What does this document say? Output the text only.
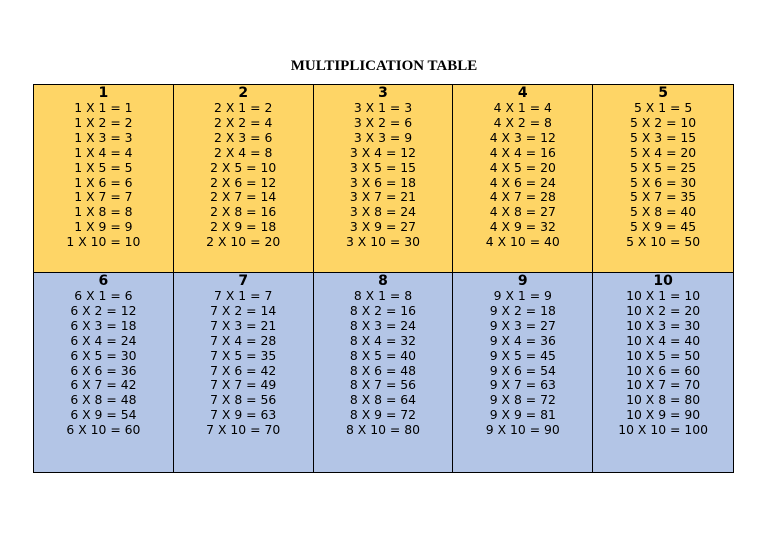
MULTIPLICATION TABLE
1
1 X 1 = 1
1 X 2 = 2
1 X 3 = 3
1 X 4 = 4
1 X 5 = 5
1 X 6 = 6
1 X 7 = 7
1 X 8 = 8
1 X 9 = 9
1 X 10 = 10
2
2 X 1 = 2
2 X 2 = 4
2 X 3 = 6
2 X 4 = 8
2 X 5 = 10
2 X 6 = 12
2 X 7 = 14
2 X 8 = 16
2 X 9 = 18
2 X 10 = 20
3
3 X 1 = 3
3 X 2 = 6
3 X 3 = 9
3 X 4 = 12
3 X 5 = 15
3 X 6 = 18
3 X 7 = 21
3 X 8 = 24
3 X 9 = 27
3 X 10 = 30
4
4 X 1 = 4
4 X 2 = 8
4 X 3 = 12
4 X 4 = 16
4 X 5 = 20
4 X 6 = 24
4 X 7 = 28
4 X 8 = 27
4 X 9 = 32
4 X 10 = 40
5
5 X 1 = 5
5 X 2 = 10
5 X 3 = 15
5 X 4 = 20
5 X 5 = 25
5 X 6 = 30
5 X 7 = 35
5 X 8 = 40
5 X 9 = 45
5 X 10 = 50
6
6 X 1 = 6
6 X 2 = 12
6 X 3 = 18
6 X 4 = 24
6 X 5 = 30
6 X 6 = 36
6 X 7 = 42
6 X 8 = 48
6 X 9 = 54
6 X 10 = 60
7
7 X 1 = 7
7 X 2 = 14
7 X 3 = 21
7 X 4 = 28
7 X 5 = 35
7 X 6 = 42
7 X 7 = 49
7 X 8 = 56
7 X 9 = 63
7 X 10 = 70
8
8 X 1 = 8
8 X 2 = 16
8 X 3 = 24
8 X 4 = 32
8 X 5 = 40
8 X 6 = 48
8 X 7 = 56
8 X 8 = 64
8 X 9 = 72
8 X 10 = 80
9
9 X 1 = 9
9 X 2 = 18
9 X 3 = 27
9 X 4 = 36
9 X 5 = 45
9 X 6 = 54
9 X 7 = 63
9 X 8 = 72
9 X 9 = 81
9 X 10 = 90
10
10 X 1 = 10
10 X 2 = 20
10 X 3 = 30
10 X 4 = 40
10 X 5 = 50
10 X 6 = 60
10 X 7 = 70
10 X 8 = 80
10 X 9 = 90
10 X 10 = 100
